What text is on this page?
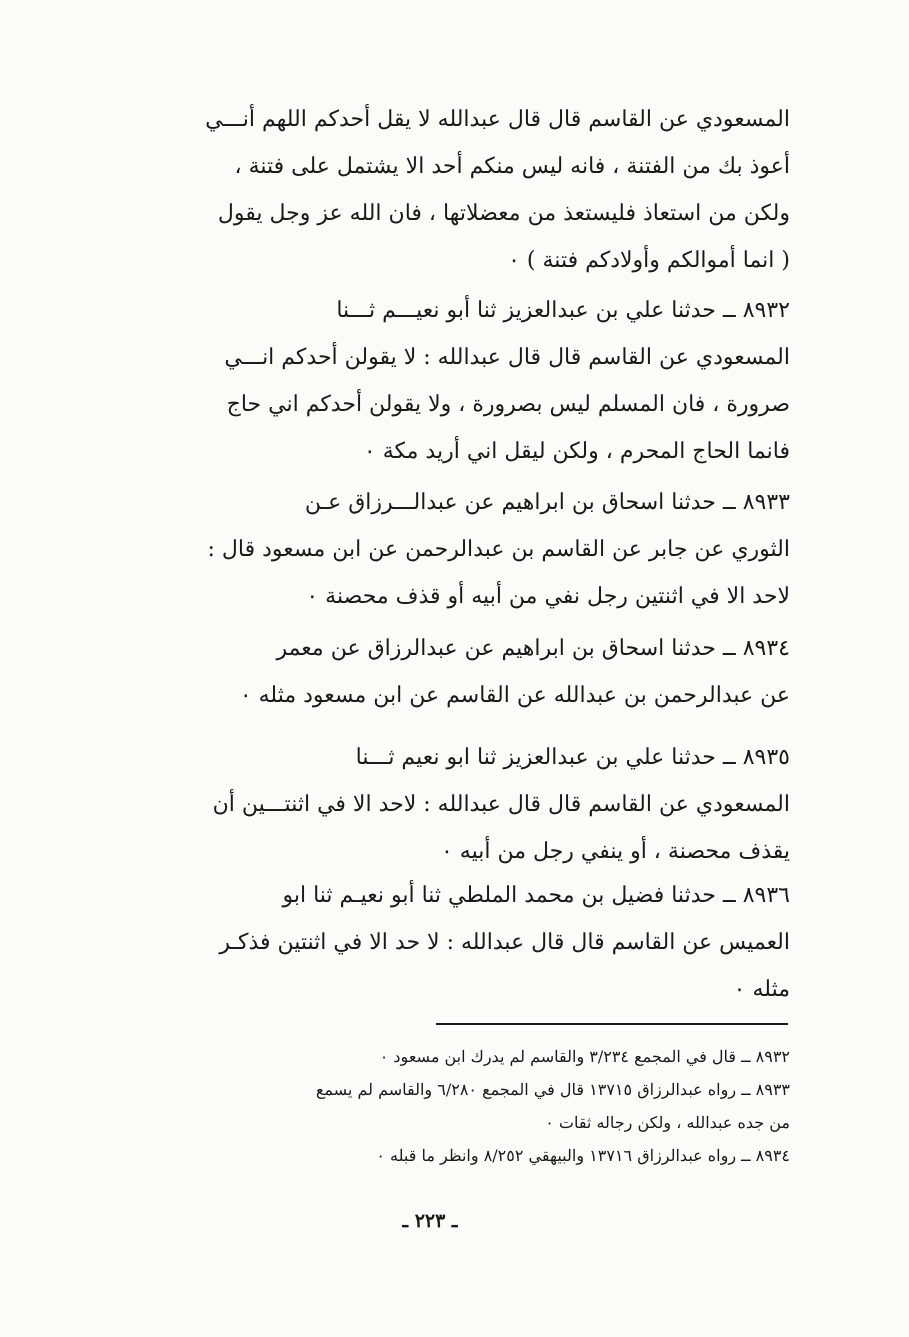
المسعودي عن القاسم قال قال عبدالله لا يقل أحدكم اللهم أنـــي
أعوذ بك من الفتنة ، فانه ليس منكم أحد الا يشتمل على فتنة ،
ولكن من استعاذ فليستعذ من معضلاتها ، فان الله عز وجل يقول
( انما أموالكم وأولادكم فتنة ) ٠
٨٩٣٢ ــ حدثنا علي بن عبدالعزيز ثنا أبو نعيـــم ثـــنا
المسعودي عن القاسم قال قال عبدالله : لا يقولن أحدكم انـــي
صرورة ، فان المسلم ليس بصرورة ، ولا يقولن أحدكم اني حاج
فانما الحاج المحرم ، ولكن ليقل اني أريد مكة ٠
٨٩٣٣ ــ حدثنا اسحاق بن ابراهيم عن عبدالـــرزاق عـن
الثوري عن جابر عن القاسم بن عبدالرحمن عن ابن مسعود قال :
لاحد الا في اثنتين رجل نفي من أبيه أو قذف محصنة ٠
٨٩٣٤ ــ حدثنا اسحاق بن ابراهيم عن عبدالرزاق عن معمر
عن عبدالرحمن بن عبدالله عن القاسم عن ابن مسعود مثله ٠
٨٩٣٥ ــ حدثنا علي بن عبدالعزيز ثنا ابو نعيم ثـــنا
المسعودي عن القاسم قال قال عبدالله : لاحد الا في اثنتـــين أن
يقذف محصنة ، أو ينفي رجل من أبيه ٠
٨٩٣٦ ــ حدثنا فضيل بن محمد الملطي ثنا أبو نعيـم ثنا ابو
العميس عن القاسم قال قال عبدالله : لا حد الا في اثنتين فذكـر
مثله ٠
٨٩٣٢ ــ قال في المجمع ٣/٢٣٤ والقاسم لم يدرك ابن مسعود ٠
٨٩٣٣ ــ رواه عبدالرزاق ١٣٧١٥ قال في المجمع ٦/٢٨٠ والقاسم لم يسمع
من جده عبدالله ، ولكن رجاله ثقات ٠
٨٩٣٤ ــ رواه عبدالرزاق ١٣٧١٦ والبيهقي ٨/٢٥٢ وانظر ما قبله ٠
ـ ٢٢٣ ـ
